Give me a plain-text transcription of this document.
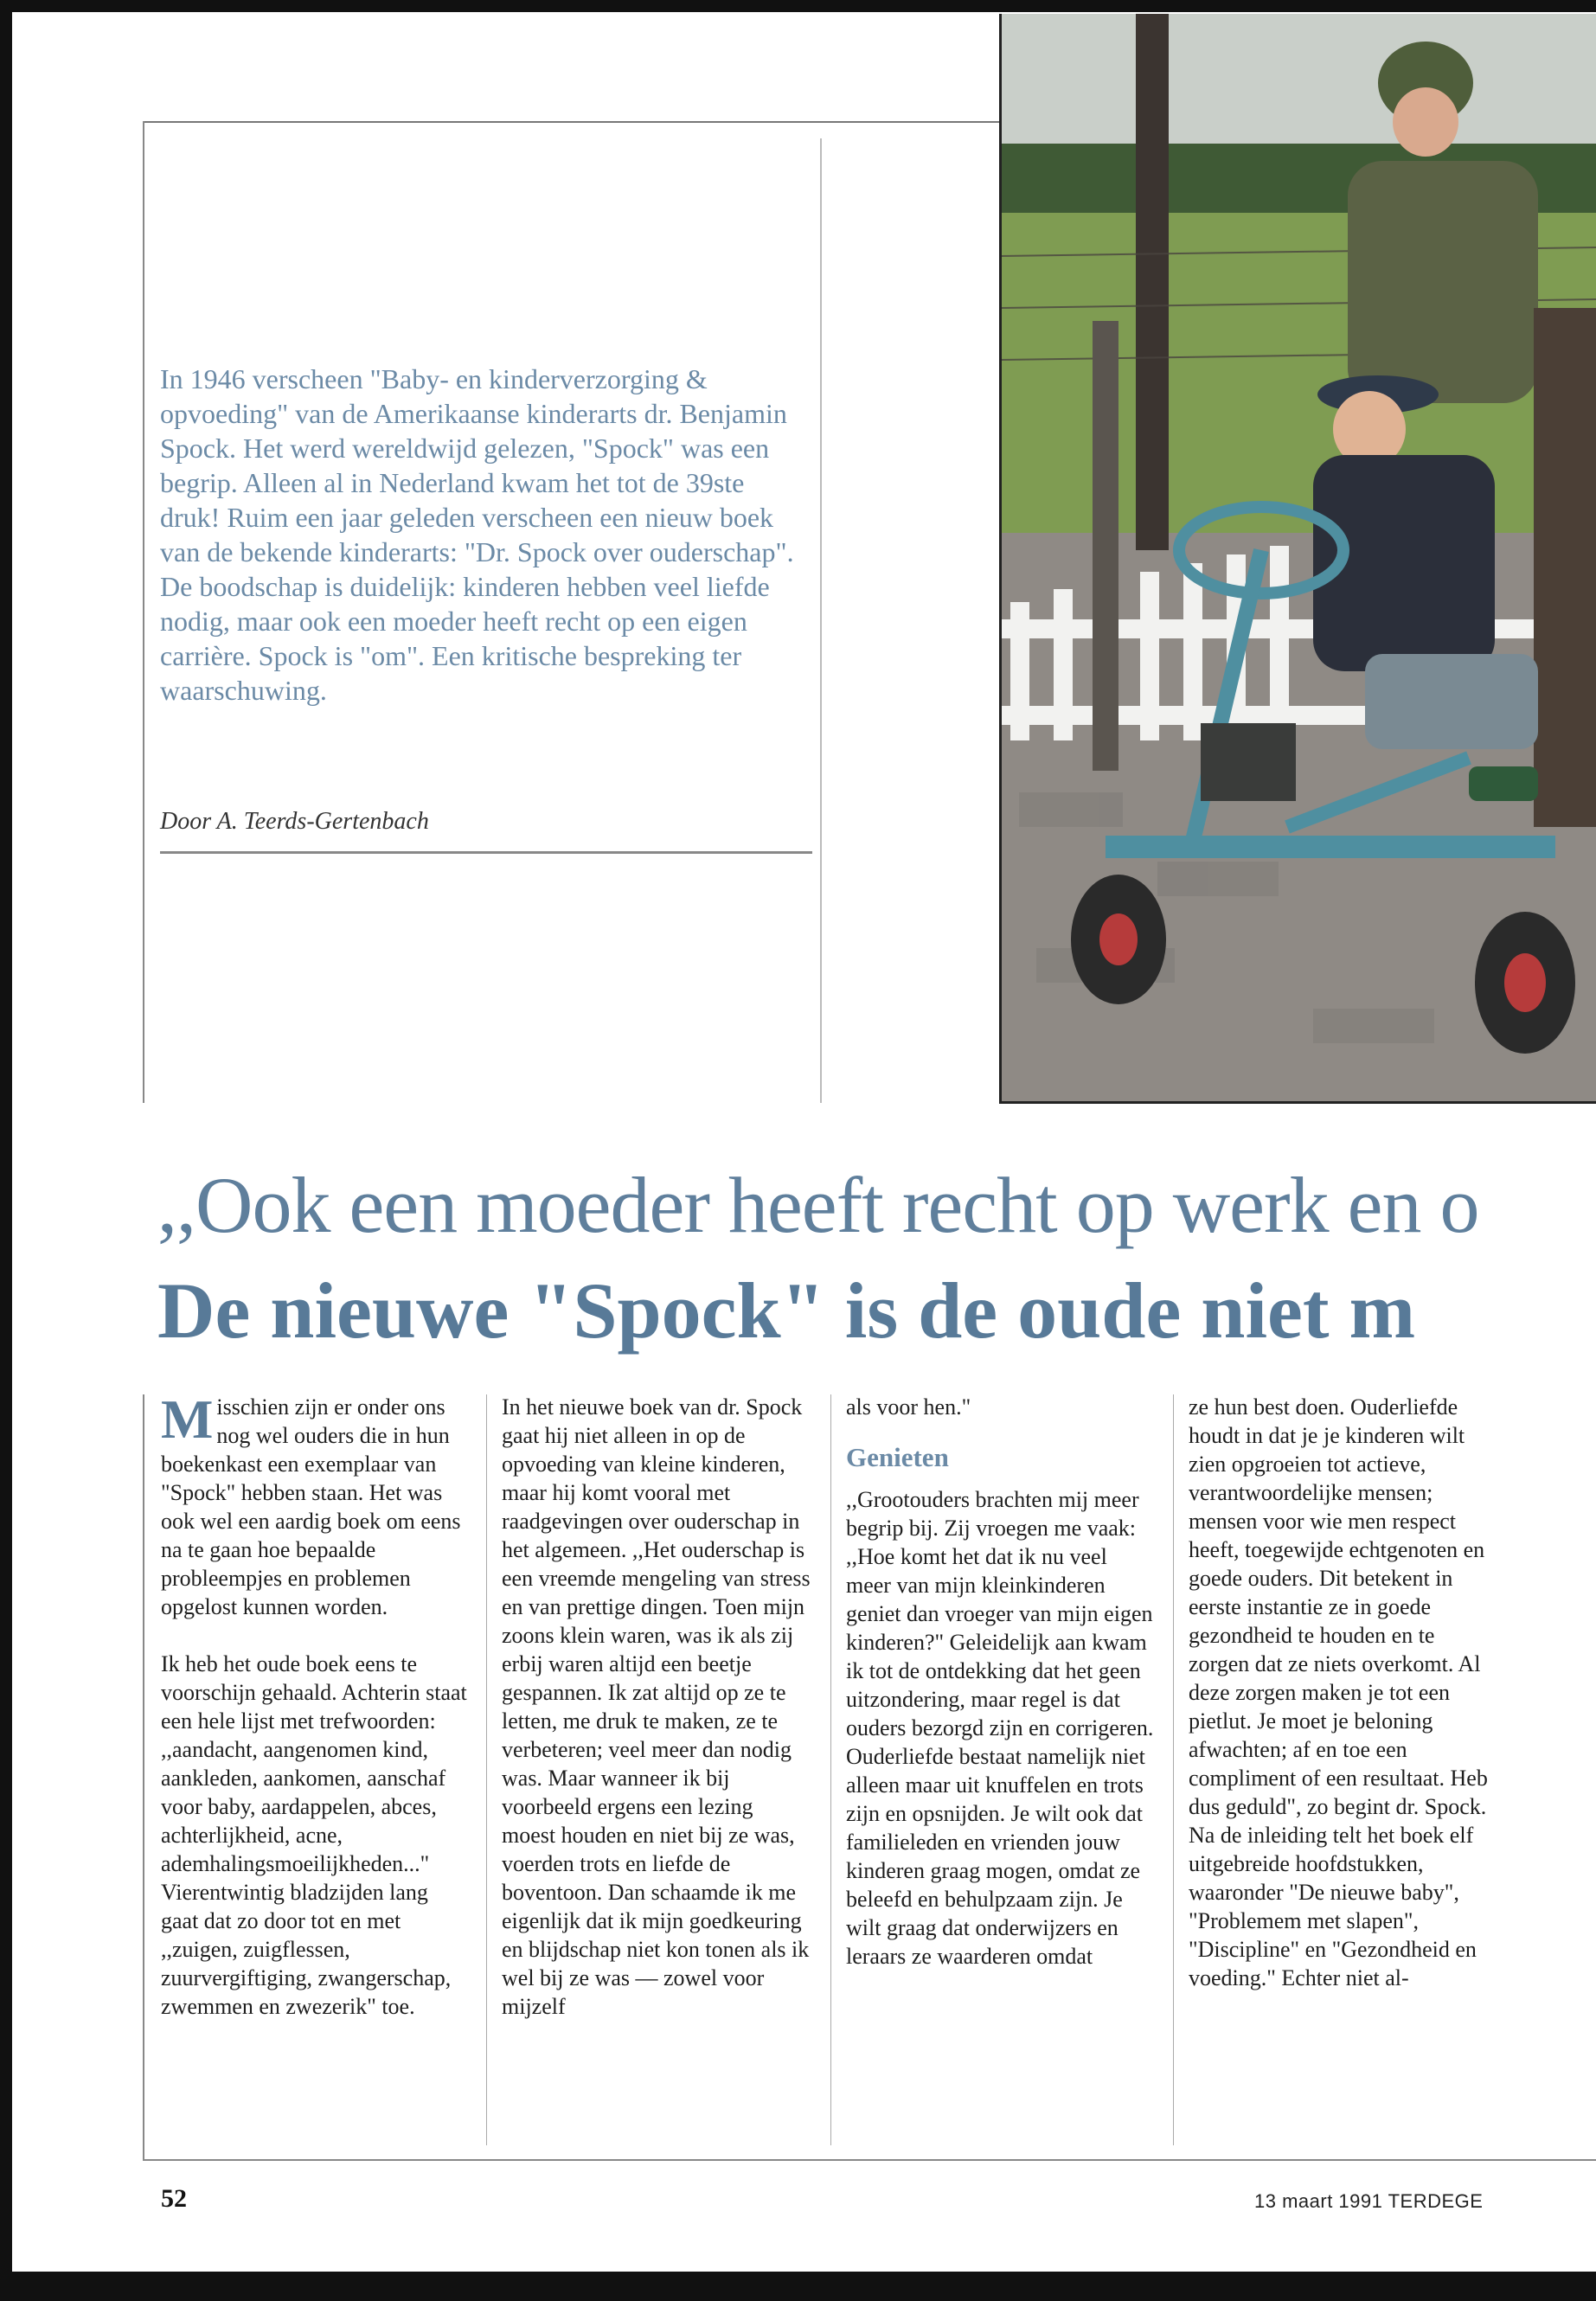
In 1946 verscheen "Baby- en kinderverzorging & opvoeding" van de Amerikaanse kinderarts dr. Benjamin Spock. Het werd wereldwijd gelezen, "Spock" was een begrip. Alleen al in Nederland kwam het tot de 39ste druk! Ruim een jaar geleden verscheen een nieuw boek van de bekende kinderarts: "Dr. Spock over ouderschap". De boodschap is duidelijk: kinderen hebben veel liefde nodig, maar ook een moeder heeft recht op een eigen carrière. Spock is "om". Een kritische bespreking ter waarschuwing.

Door A. Teerds-Gertenbach

,,Ook een moeder heeft recht op werk en o
De nieuwe "Spock" is de oude niet m

Misschien zijn er onder ons nog wel ouders die in hun boekenkast een exemplaar van "Spock" hebben staan. Het was ook wel een aardig boek om eens na te gaan hoe bepaalde probleempjes en problemen opgelost kunnen worden.

Ik heb het oude boek eens te voorschijn gehaald. Achterin staat een hele lijst met trefwoorden: ,,aandacht, aangenomen kind, aankleden, aankomen, aanschaf voor baby, aardappelen, abces, achterlijkheid, acne, ademhalingsmoeilijkheden..." Vierentwintig bladzijden lang gaat dat zo door tot en met ,,zuigen, zuigflessen, zuurvergiftiging, zwangerschap, zwemmen en zwezerik" toe.

In het nieuwe boek van dr. Spock gaat hij niet alleen in op de opvoeding van kleine kinderen, maar hij komt vooral met raadgevingen over ouderschap in het algemeen. ,,Het ouderschap is een vreemde mengeling van stress en van prettige dingen. Toen mijn zoons klein waren, was ik als zij erbij waren altijd een beetje gespannen. Ik zat altijd op ze te letten, me druk te maken, ze te verbeteren; veel meer dan nodig was. Maar wanneer ik bij voorbeeld ergens een lezing moest houden en niet bij ze was, voerden trots en liefde de boventoon. Dan schaamde ik me eigenlijk dat ik mijn goedkeuring en blijdschap niet kon tonen als ik wel bij ze was — zowel voor mijzelf

als voor hen."

Genieten

,,Grootouders brachten mij meer begrip bij. Zij vroegen me vaak: ,,Hoe komt het dat ik nu veel meer van mijn kleinkinderen geniet dan vroeger van mijn eigen kinderen?" Geleidelijk aan kwam ik tot de ontdekking dat het geen uitzondering, maar regel is dat ouders bezorgd zijn en corrigeren. Ouderliefde bestaat namelijk niet alleen maar uit knuffelen en trots zijn en opsnijden. Je wilt ook dat familieleden en vrienden jouw kinderen graag mogen, omdat ze beleefd en behulpzaam zijn. Je wilt graag dat onderwijzers en leraars ze waarderen omdat

ze hun best doen. Ouderliefde houdt in dat je je kinderen wilt zien opgroeien tot actieve, verantwoordelijke mensen; mensen voor wie men respect heeft, toegewijde echtgenoten en goede ouders. Dit betekent in eerste instantie ze in goede gezondheid te houden en te zorgen dat ze niets overkomt. Al deze zorgen maken je tot een pietlut. Je moet je beloning afwachten; af en toe een compliment of een resultaat. Heb dus geduld", zo begint dr. Spock.

Na de inleiding telt het boek elf uitgebreide hoofdstukken, waaronder "De nieuwe baby", "Problemem met slapen", "Discipline" en "Gezondheid en voeding." Echter niet al-

52	13 maart 1991 TERDEGE
